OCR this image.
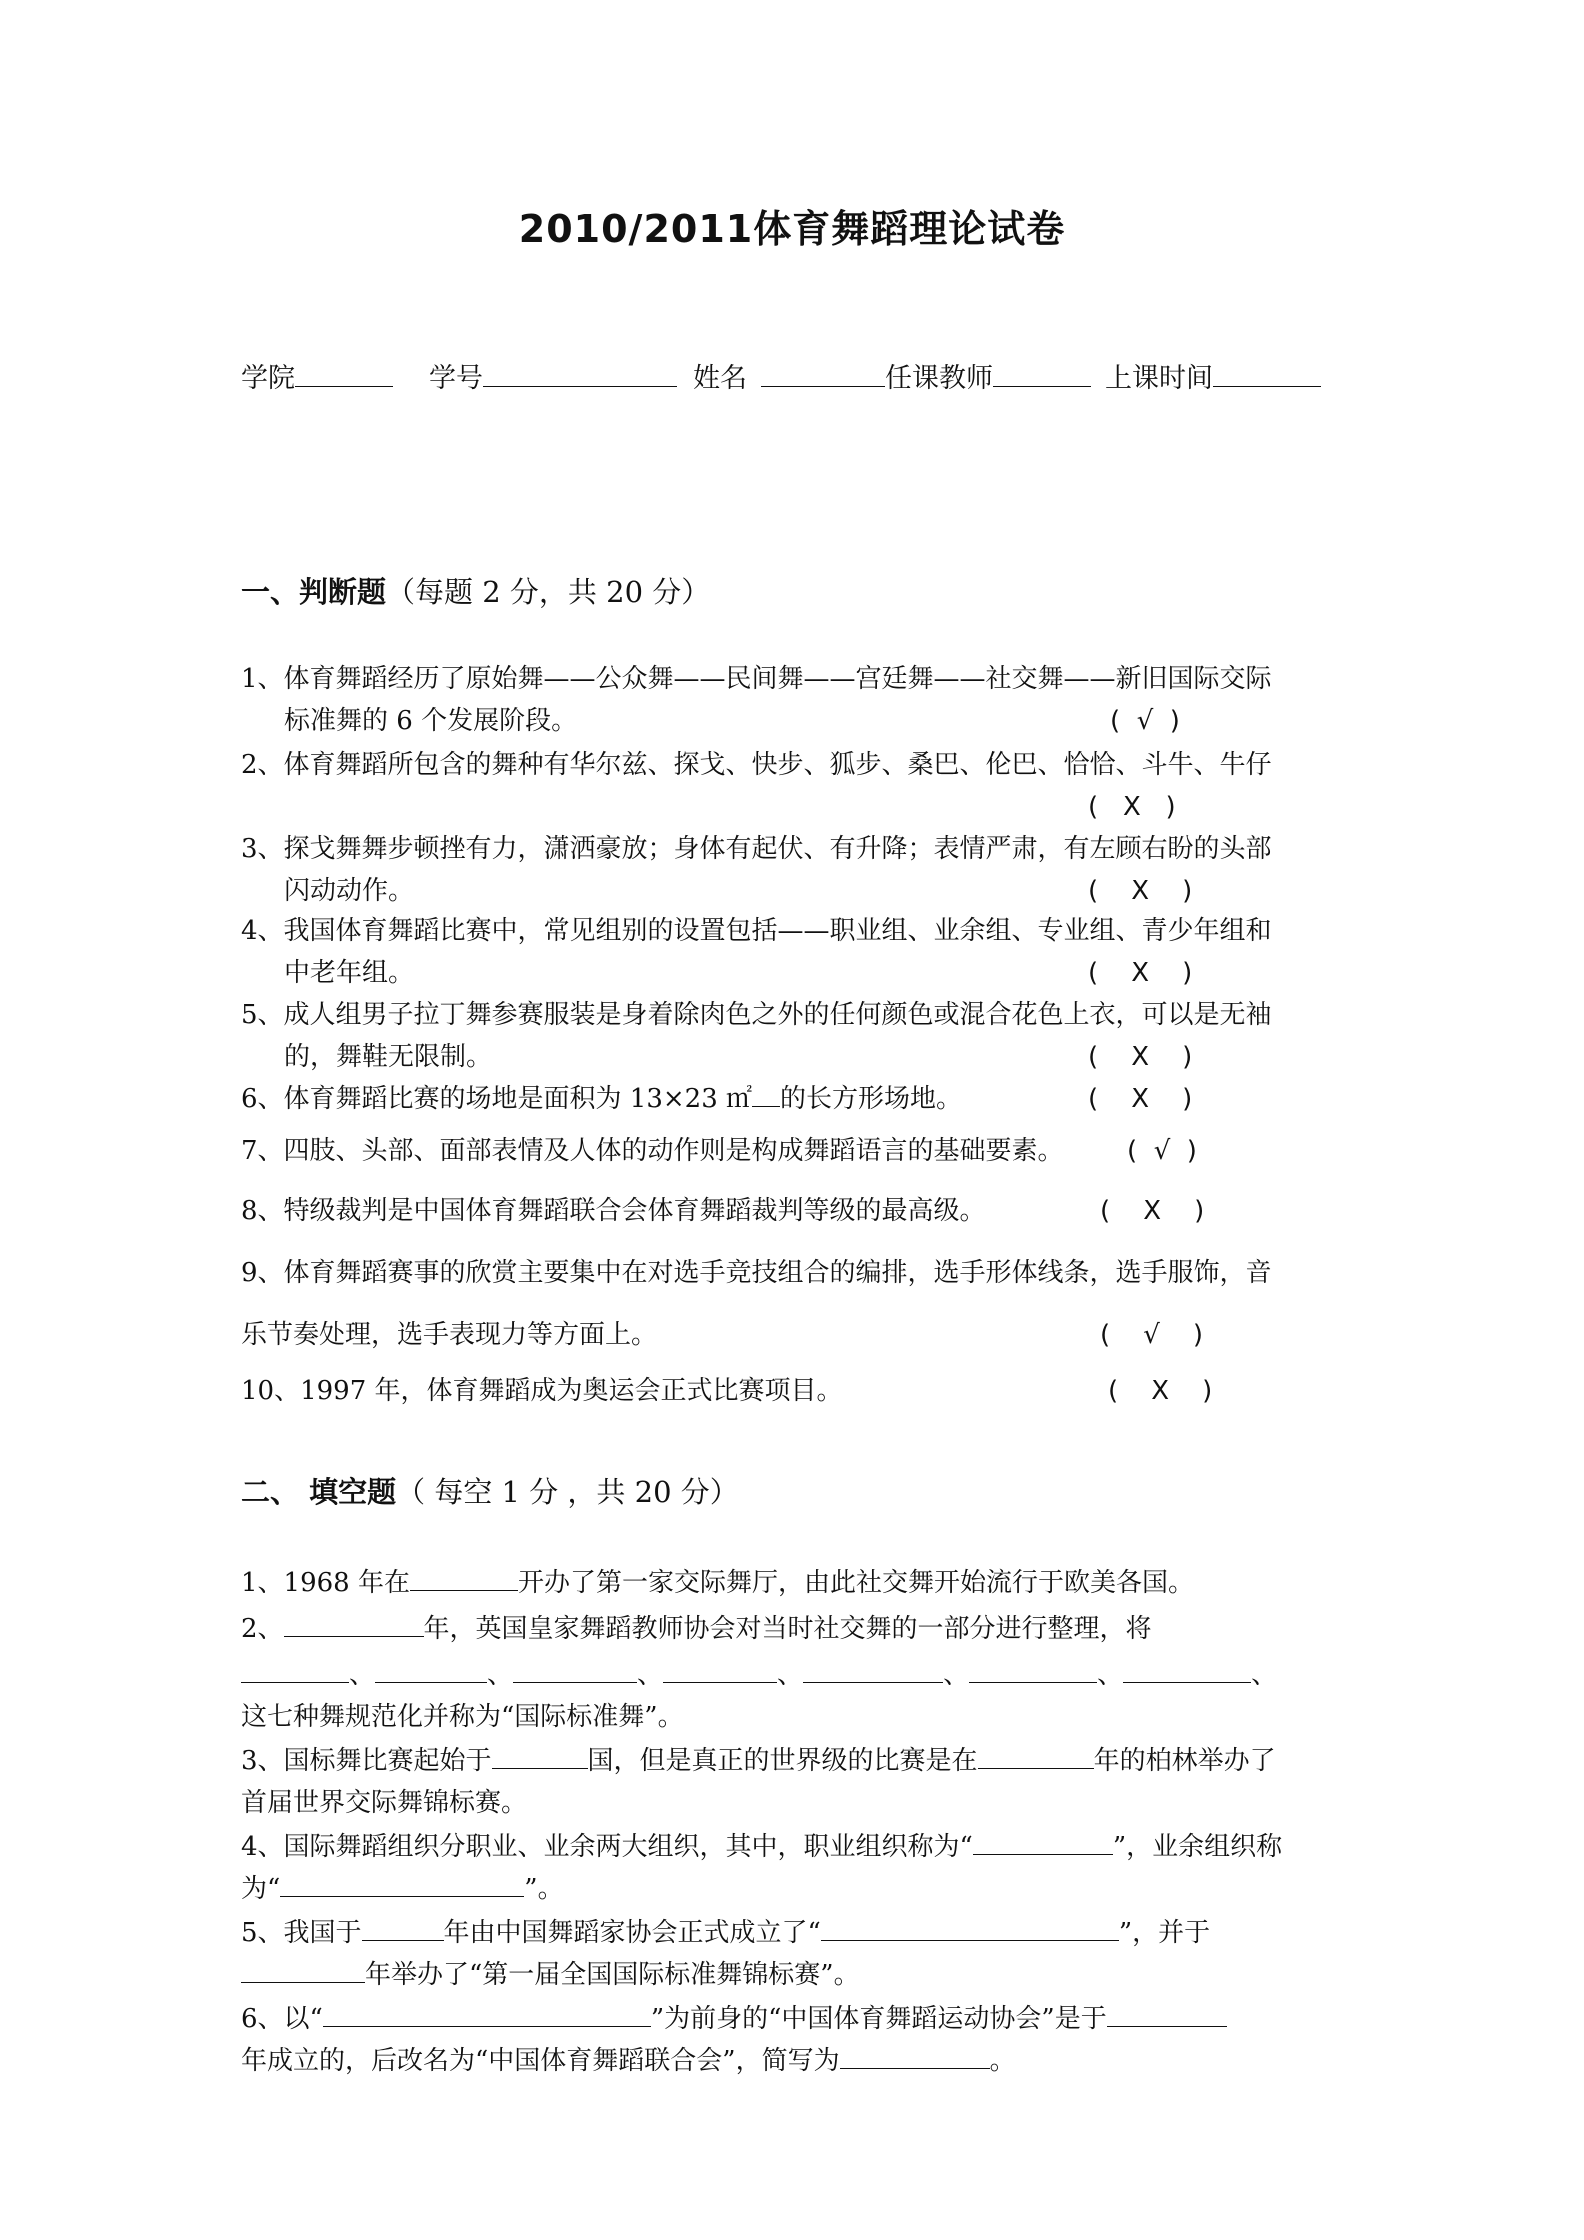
2010/2011体育舞蹈理论试卷
学院	学号	姓名	任课教师	上课时间
一、判断题（每题 2 分，共 20 分）
1、体育舞蹈经历了原始舞——公众舞——民间舞——宫廷舞——社交舞——新旧国际交际
标准舞的 6 个发展阶段。	(  √  )
2、体育舞蹈所包含的舞种有华尔兹、探戈、快步、狐步、桑巴、伦巴、恰恰、斗牛、牛仔
(   X   )
3、探戈舞舞步顿挫有力，潇洒豪放；身体有起伏、有升降；表情严肃，有左顾右盼的头部
闪动动作。	(    X    )
4、我国体育舞蹈比赛中，常见组别的设置包括——职业组、业余组、专业组、青少年组和
中老年组。	(    X    )
5、成人组男子拉丁舞参赛服装是身着除肉色之外的任何颜色或混合花色上衣，可以是无袖
的，舞鞋无限制。	(    X    )
6、体育舞蹈比赛的场地是面积为 13×23 ㎡ 的长方形场地。	(    X    )
7、四肢、头部、面部表情及人体的动作则是构成舞蹈语言的基础要素。 (  √  )
8、特级裁判是中国体育舞蹈联合会体育舞蹈裁判等级的最高级。	(    X    )
9、体育舞蹈赛事的欣赏主要集中在对选手竞技组合的编排，选手形体线条，选手服饰，音
乐节奏处理，选手表现力等方面上。	(    √    )
10、1997 年，体育舞蹈成为奥运会正式比赛项目。	(    X    )
二、 填空题（ 每空 1 分 ，共 20 分）
1、1968 年在	开办了第一家交际舞厅，由此社交舞开始流行于欧美各国。
2、	年，英国皇家舞蹈教师协会对当时社交舞的一部分进行整理，将
、	、	、	、	、	、	、
这七种舞规范化并称为“国际标准舞”。
3、国标舞比赛起始于	国，但是真正的世界级的比赛是在	年的柏林举办了
首届世界交际舞锦标赛。
4、国际舞蹈组织分职业、业余两大组织，其中，职业组织称为“	”，业余组织称
为“	”。
5、我国于	年由中国舞蹈家协会正式成立了“	”，并于
年举办了“第一届全国国际标准舞锦标赛”。
6、以“	”为前身的“中国体育舞蹈运动协会”是于
年成立的，后改名为“中国体育舞蹈联合会”，简写为	。
